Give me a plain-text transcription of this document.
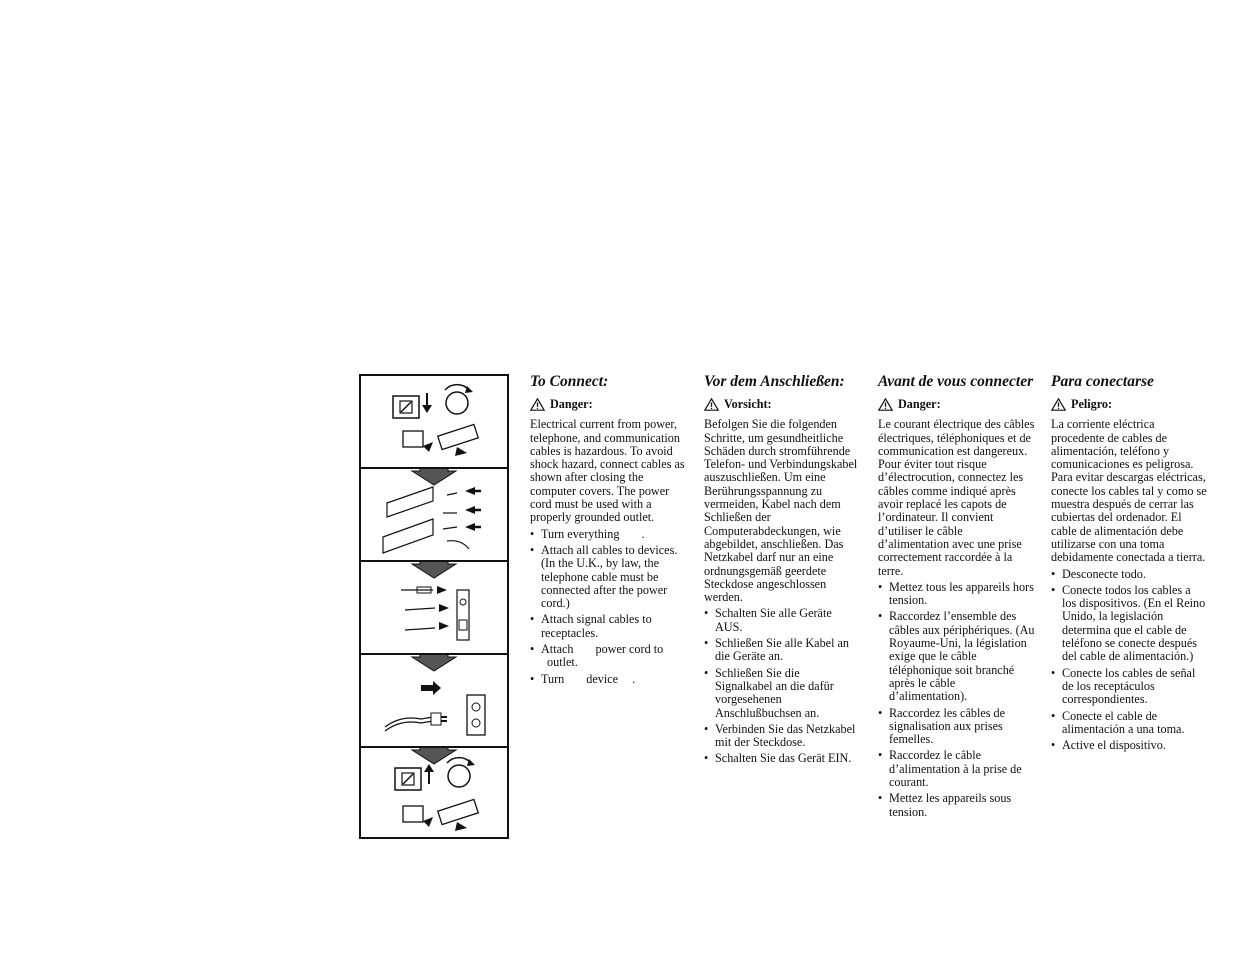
To Connect:
Danger:

Electrical current from power, telephone, and communication cables is hazardous. To avoid shock hazard, connect cables as shown after closing the computer covers. The power cord must be used with a properly grounded outlet.

• Turn everything .
• Attach all cables to devices. (In the U.K., by law, the telephone cable must be connected after the power cord.)
• Attach signal cables to receptacles.
• Attach power cord to
outlet.
• Turn device .
Vor dem Anschließen:
Vorsicht:

Befolgen Sie die folgenden Schritte, um gesundheitliche Schäden durch stromführende Telefon- und Verbindungskabel auszuschließen. Um eine Berührungsspannung zu vermeiden, Kabel nach dem Schließen der Computerabdeckungen, wie abgebildet, anschließen. Das Netzkabel darf nur an eine ordnungsgemäß geerdete Steckdose angeschlossen werden.

• Schalten Sie alle Geräte AUS.
• Schließen Sie alle Kabel an die Geräte an.
• Schließen Sie die Signalkabel an die dafür vorgesehenen Anschlußbuchsen an.
• Verbinden Sie das Netzkabel mit der Steckdose.
• Schalten Sie das Gerät EIN.
Avant de vous connecter
Danger:

Le courant électrique des câbles électriques, téléphoniques et de communication est dangereux. Pour éviter tout risque d’électrocution, connectez les câbles comme indiqué après avoir replacé les capots de l’ordinateur. Il convient d’utiliser le câble d’alimentation avec une prise correctement raccordée à la terre.

• Mettez tous les appareils hors tension.
• Raccordez l’ensemble des câbles aux périphériques. (Au Royaume-Uni, la législation exige que le câble téléphonique soit branché après le câble d’alimentation).
• Raccordez les câbles de signalisation aux prises femelles.
• Raccordez le câble d’alimentation à la prise de courant.
• Mettez les appareils sous tension.
Para conectarse
Peligro:

La corriente eléctrica procedente de cables de alimentación, teléfono y comunicaciones es peligrosa. Para evitar descargas eléctricas, conecte los cables tal y como se muestra después de cerrar las cubiertas del ordenador. El cable de alimentación debe utilizarse con una toma debidamente conectada a tierra.

• Desconecte todo.
• Conecte todos los cables a los dispositivos. (En el Reino Unido, la legislación determina que el cable de teléfono se conecte después del cable de alimentación.)
• Conecte los cables de señal de los receptáculos correspondientes.
• Conecte el cable de alimentación a una toma.
• Active el dispositivo.
